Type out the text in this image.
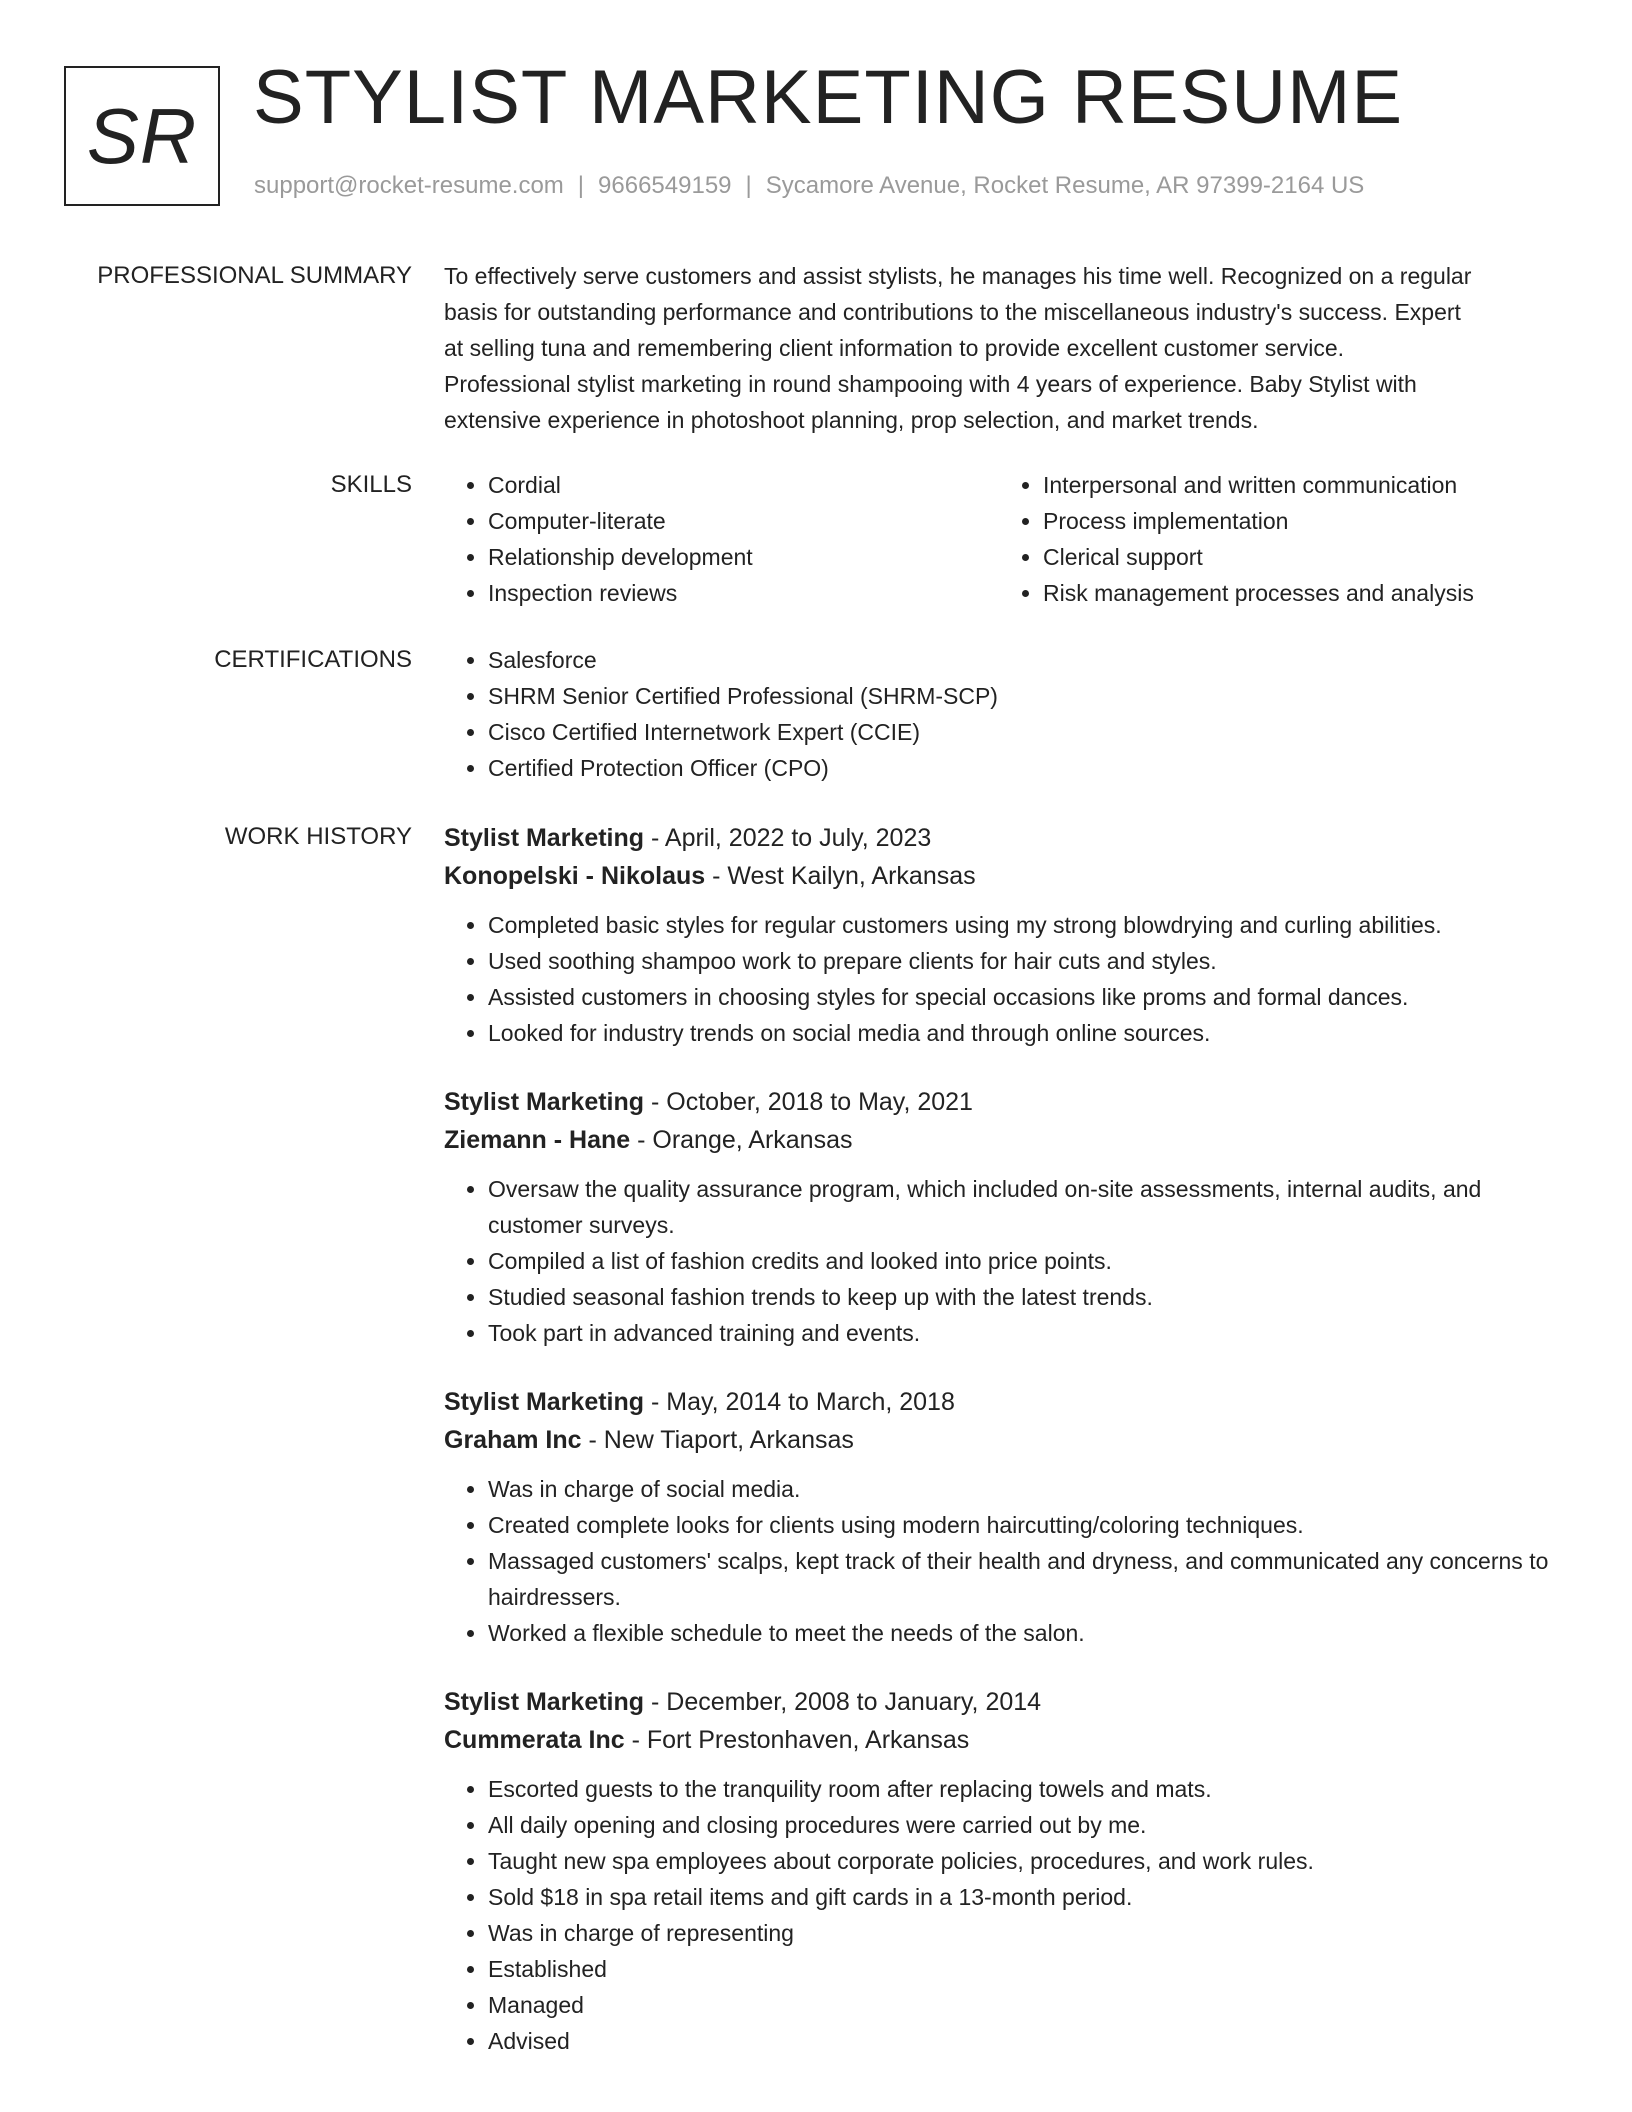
SR STYLIST MARKETING RESUME
support@rocket-resume.com | 9666549159 | Sycamore Avenue, Rocket Resume, AR 97399-2164 US
PROFESSIONAL SUMMARY To effectively serve customers and assist stylists, he manages his time well. Recognized on a regular
basis for outstanding performance and contributions to the miscellaneous industry's success. Expert
at selling tuna and remembering client information to provide excellent customer service.
Professional stylist marketing in round shampooing with 4 years of experience. Baby Stylist with
extensive experience in photoshoot planning, prop selection, and market trends.
SKILLS	• Cordial
• Computer-literate
• Relationship development
• Inspection reviews
• Interpersonal and written communication
• Process implementation
• Clerical support
• Risk management processes and analysis
CERTIFICATIONS	• Salesforce
• SHRM Senior Certified Professional (SHRM-SCP)
• Cisco Certified Internetwork Expert (CCIE)
• Certified Protection Officer (CPO)
WORK HISTORY Stylist Marketing - April, 2022 to July, 2023
Konopelski - Nikolaus - West Kailyn, Arkansas
• Completed basic styles for regular customers using my strong blowdrying and curling abilities.
• Used soothing shampoo work to prepare clients for hair cuts and styles.
• Assisted customers in choosing styles for special occasions like proms and formal dances.
• Looked for industry trends on social media and through online sources.
Stylist Marketing - October, 2018 to May, 2021
Ziemann - Hane - Orange, Arkansas
• Oversaw the quality assurance program, which included on-site assessments, internal audits, and customer surveys.
• Compiled a list of fashion credits and looked into price points.
• Studied seasonal fashion trends to keep up with the latest trends.
• Took part in advanced training and events.
Stylist Marketing - May, 2014 to March, 2018
Graham Inc - New Tiaport, Arkansas
• Was in charge of social media.
• Created complete looks for clients using modern haircutting/coloring techniques.
• Massaged customers' scalps, kept track of their health and dryness, and communicated any concerns to hairdressers.
• Worked a flexible schedule to meet the needs of the salon.
Stylist Marketing - December, 2008 to January, 2014
Cummerata Inc - Fort Prestonhaven, Arkansas
• Escorted guests to the tranquility room after replacing towels and mats.
• All daily opening and closing procedures were carried out by me.
• Taught new spa employees about corporate policies, procedures, and work rules.
• Sold $18 in spa retail items and gift cards in a 13-month period.
• Was in charge of representing
• Established
• Managed
• Advised
